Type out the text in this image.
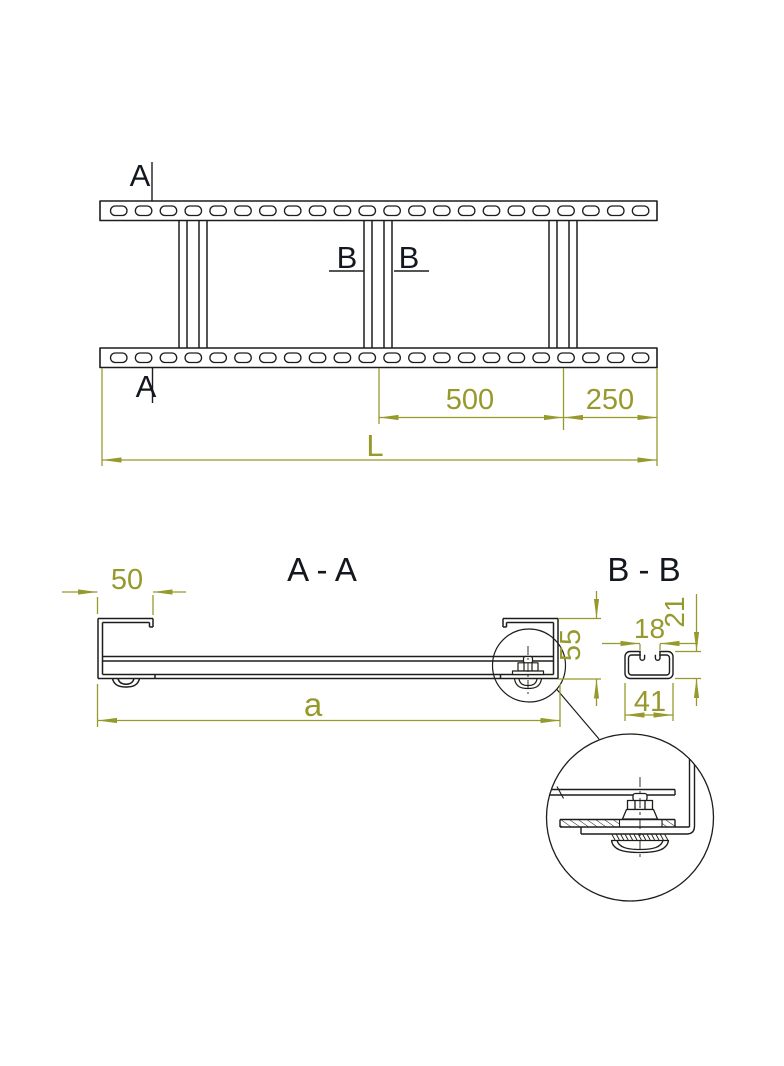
A
A
B B
500	250
L
A - A
50
55
a
B - B
18
21
41
